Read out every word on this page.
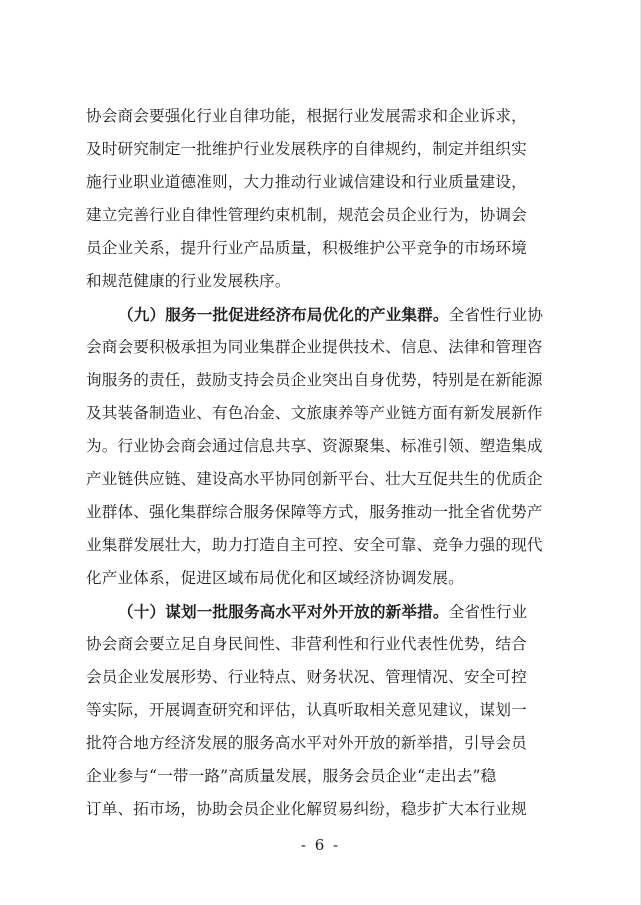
协会商会要强化行业自律功能，根据行业发展需求和企业诉求，
及时研究制定一批维护行业发展秩序的自律规约，制定并组织实
施行业职业道德准则，大力推动行业诚信建设和行业质量建设，
建立完善行业自律性管理约束机制，规范会员企业行为，协调会
员企业关系，提升行业产品质量，积极维护公平竞争的市场环境
和规范健康的行业发展秩序。
（九）服务一批促进经济布局优化的产业集群。全省性行业协
会商会要积极承担为同业集群企业提供技术、信息、法律和管理咨
询服务的责任，鼓励支持会员企业突出自身优势，特别是在新能源
及其装备制造业、有色冶金、文旅康养等产业链方面有新发展新作
为。行业协会商会通过信息共享、资源聚集、标准引领、塑造集成
产业链供应链、建设高水平协同创新平台、壮大互促共生的优质企
业群体、强化集群综合服务保障等方式，服务推动一批全省优势产
业集群发展壮大，助力打造自主可控、安全可靠、竞争力强的现代
化产业体系，促进区域布局优化和区域经济协调发展。
（十）谋划一批服务高水平对外开放的新举措。全省性行业
协会商会要立足自身民间性、非营利性和行业代表性优势，结合
会员企业发展形势、行业特点、财务状况、管理情况、安全可控
等实际，开展调查研究和评估，认真听取相关意见建议，谋划一
批符合地方经济发展的服务高水平对外开放的新举措，引导会员
企业参与“一带一路”高质量发展，服务会员企业“走出去”稳
订单、拓市场，协助会员企业化解贸易纠纷，稳步扩大本行业规
- 6 -
